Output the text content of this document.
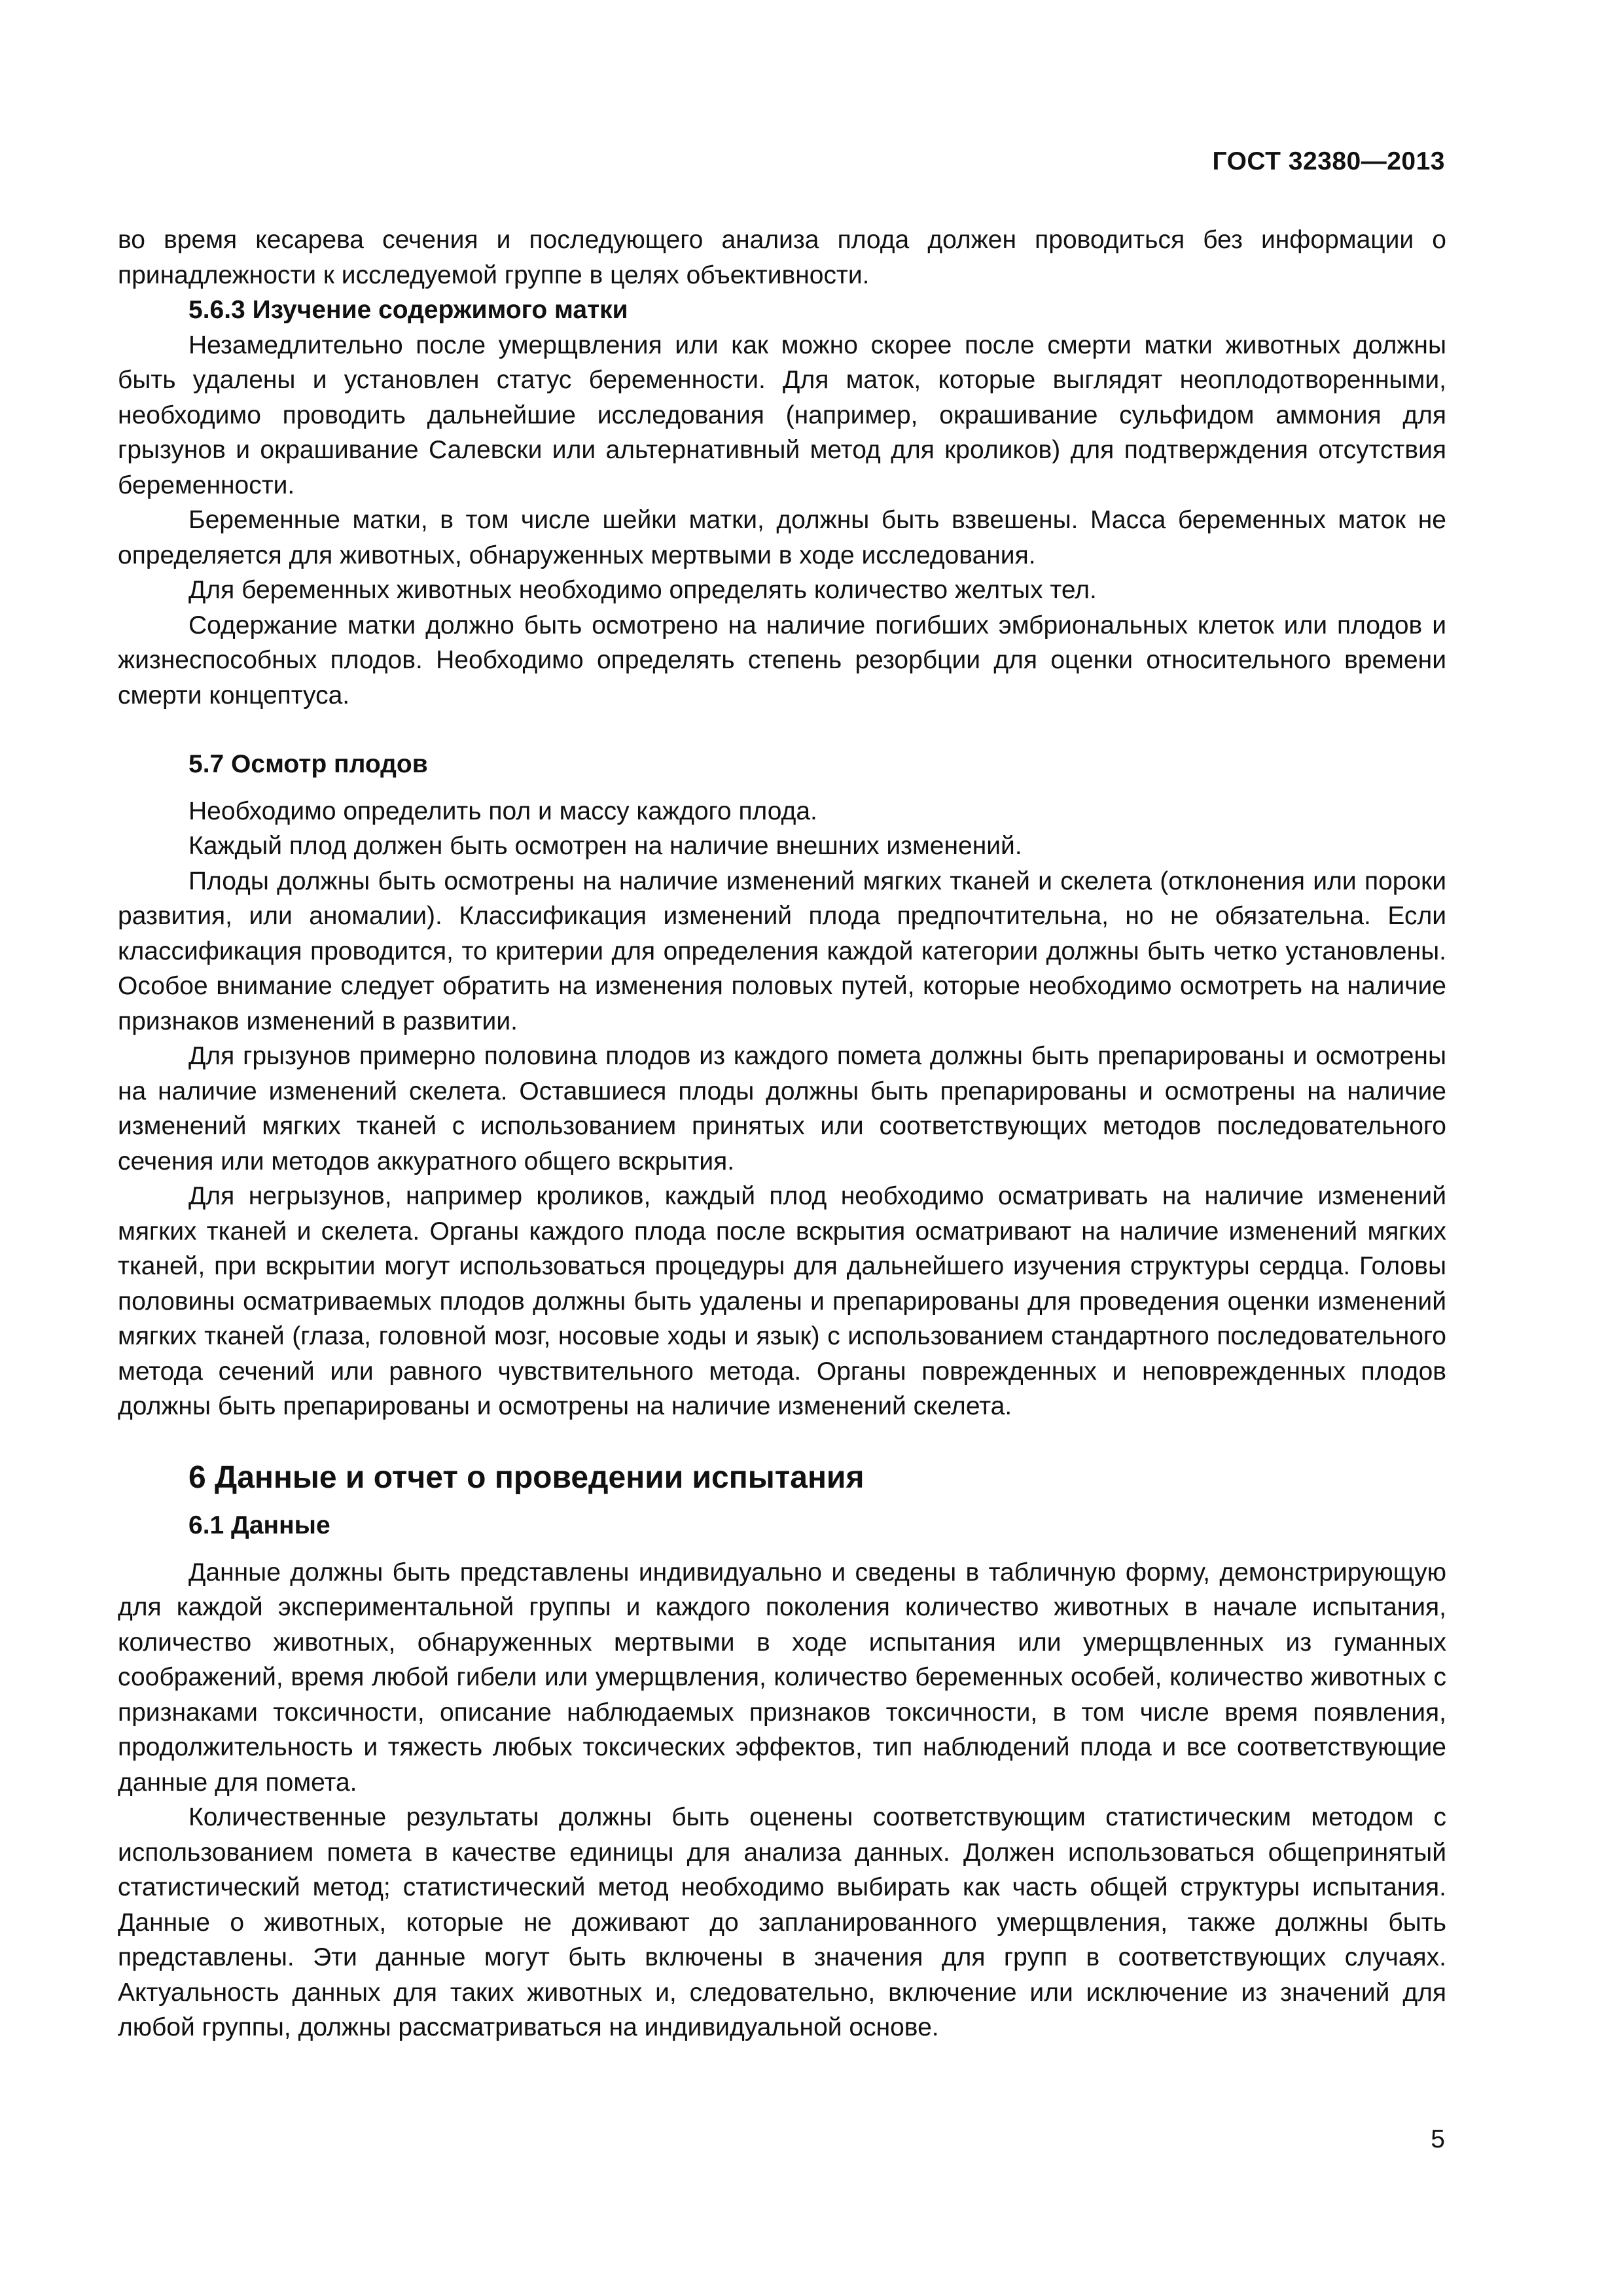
ГОСТ 32380—2013

во время кесарева сечения и последующего анализа плода должен проводиться без информации о принадлежности к исследуемой группе в целях объективности.

5.6.3 Изучение содержимого матки

Незамедлительно после умерщвления или как можно скорее после смерти матки животных должны быть удалены и установлен статус беременности. Для маток, которые выглядят неоплодотворенными, необходимо проводить дальнейшие исследования (например, окрашивание сульфидом аммония для грызунов и окрашивание Салевски или альтернативный метод для кроликов) для подтверждения отсутствия беременности.

Беременные матки, в том числе шейки матки, должны быть взвешены. Масса беременных маток не определяется для животных, обнаруженных мертвыми в ходе исследования.

Для беременных животных необходимо определять количество желтых тел.

Содержание матки должно быть осмотрено на наличие погибших эмбриональных клеток или плодов и жизнеспособных плодов. Необходимо определять степень резорбции для оценки относительного времени смерти концептуса.

5.7 Осмотр плодов

Необходимо определить пол и массу каждого плода.

Каждый плод должен быть осмотрен на наличие внешних изменений.

Плоды должны быть осмотрены на наличие изменений мягких тканей и скелета (отклонения или пороки развития, или аномалии). Классификация изменений плода предпочтительна, но не обязательна. Если классификация проводится, то критерии для определения каждой категории должны быть четко установлены. Особое внимание следует обратить на изменения половых путей, которые необходимо осмотреть на наличие признаков изменений в развитии.

Для грызунов примерно половина плодов из каждого помета должны быть препарированы и осмотрены на наличие изменений скелета. Оставшиеся плоды должны быть препарированы и осмотрены на наличие изменений мягких тканей с использованием принятых или соответствующих методов последовательного сечения или методов аккуратного общего вскрытия.

Для негрызунов, например кроликов, каждый плод необходимо осматривать на наличие изменений мягких тканей и скелета. Органы каждого плода после вскрытия осматривают на наличие изменений мягких тканей, при вскрытии могут использоваться процедуры для дальнейшего изучения структуры сердца. Головы половины осматриваемых плодов должны быть удалены и препарированы для проведения оценки изменений мягких тканей (глаза, головной мозг, носовые ходы и язык) с использованием стандартного последовательного метода сечений или равного чувствительного метода. Органы поврежденных и неповрежденных плодов должны быть препарированы и осмотрены на наличие изменений скелета.

6 Данные и отчет о проведении испытания
6.1 Данные

Данные должны быть представлены индивидуально и сведены в табличную форму, демонстрирующую для каждой экспериментальной группы и каждого поколения количество животных в начале испытания, количество животных, обнаруженных мертвыми в ходе испытания или умерщвленных из гуманных соображений, время любой гибели или умерщвления, количество беременных особей, количество животных с признаками токсичности, описание наблюдаемых признаков токсичности, в том числе время появления, продолжительность и тяжесть любых токсических эффектов, тип наблюдений плода и все соответствующие данные для помета.

Количественные результаты должны быть оценены соответствующим статистическим методом с использованием помета в качестве единицы для анализа данных. Должен использоваться общепринятый статистический метод; статистический метод необходимо выбирать как часть общей структуры испытания. Данные о животных, которые не доживают до запланированного умерщвления, также должны быть представлены. Эти данные могут быть включены в значения для групп в соответствующих случаях. Актуальность данных для таких животных и, следовательно, включение или исключение из значений для любой группы, должны рассматриваться на индивидуальной основе.

5
